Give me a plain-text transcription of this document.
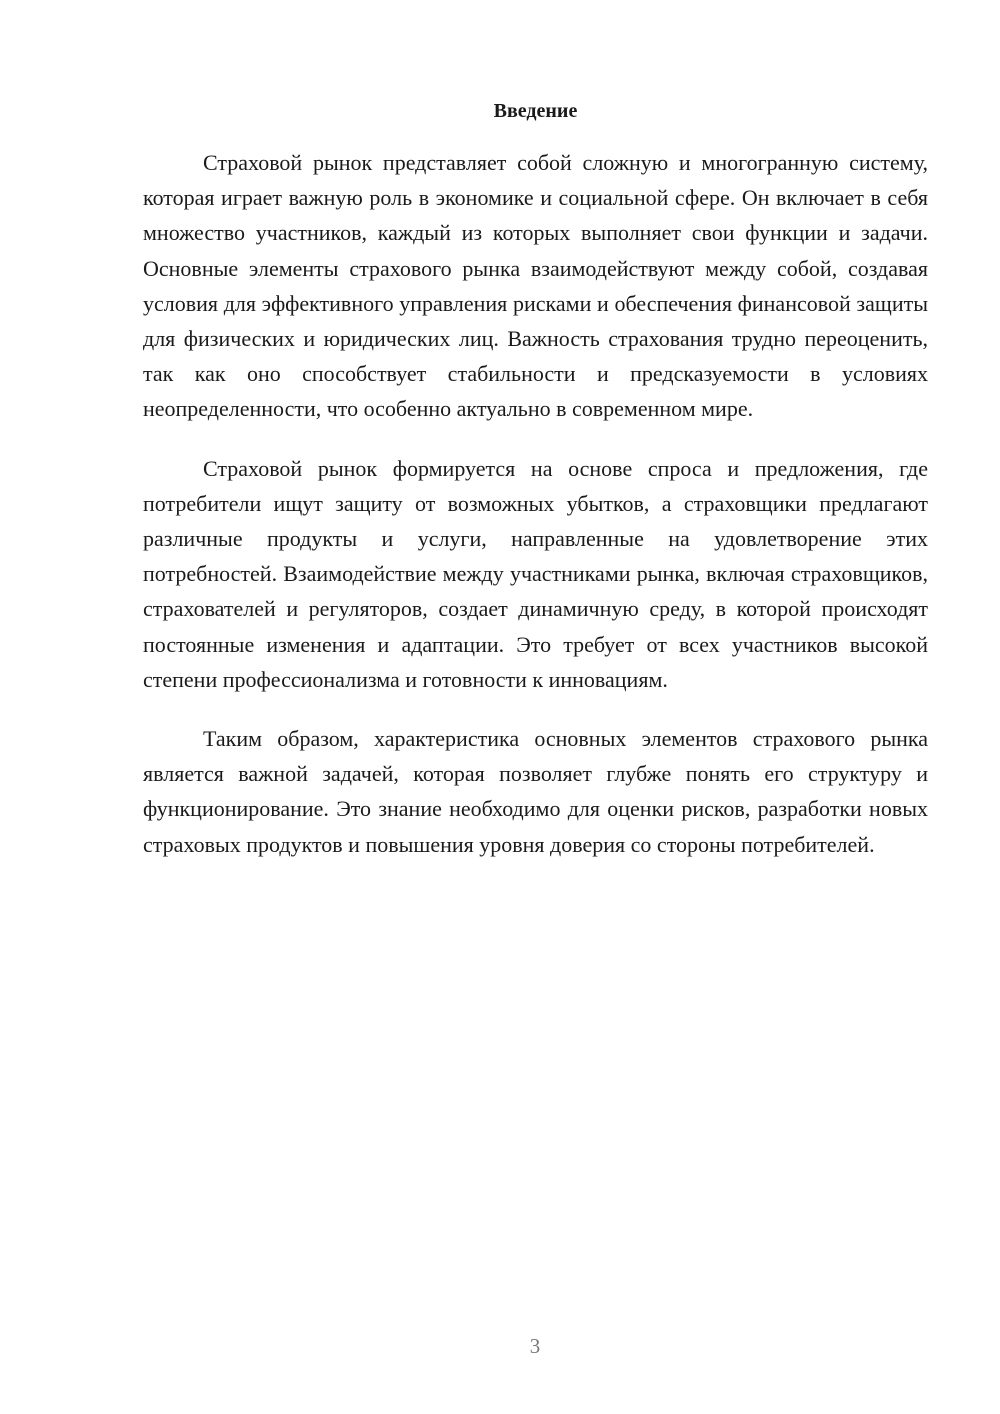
Введение

Страховой рынок представляет собой сложную и многогранную систему, которая играет важную роль в экономике и социальной сфере. Он включает в себя множество участников, каждый из которых выполняет свои функции и задачи. Основные элементы страхового рынка взаимодействуют между собой, создавая условия для эффективного управления рисками и обеспечения финансовой защиты для физических и юридических лиц. Важность страхования трудно переоценить, так как оно способствует стабильности и предсказуемости в условиях неопределенности, что особенно актуально в современном мире.

Страховой рынок формируется на основе спроса и предложения, где потребители ищут защиту от возможных убытков, а страховщики предлагают различные продукты и услуги, направленные на удовлетворение этих потребностей. Взаимодействие между участниками рынка, включая страховщиков, страхователей и регуляторов, создает динамичную среду, в которой происходят постоянные изменения и адаптации. Это требует от всех участников высокой степени профессионализма и готовности к инновациям.

Таким образом, характеристика основных элементов страхового рынка является важной задачей, которая позволяет глубже понять его структуру и функционирование. Это знание необходимо для оценки рисков, разработки новых страховых продуктов и повышения уровня доверия со стороны потребителей.

3
